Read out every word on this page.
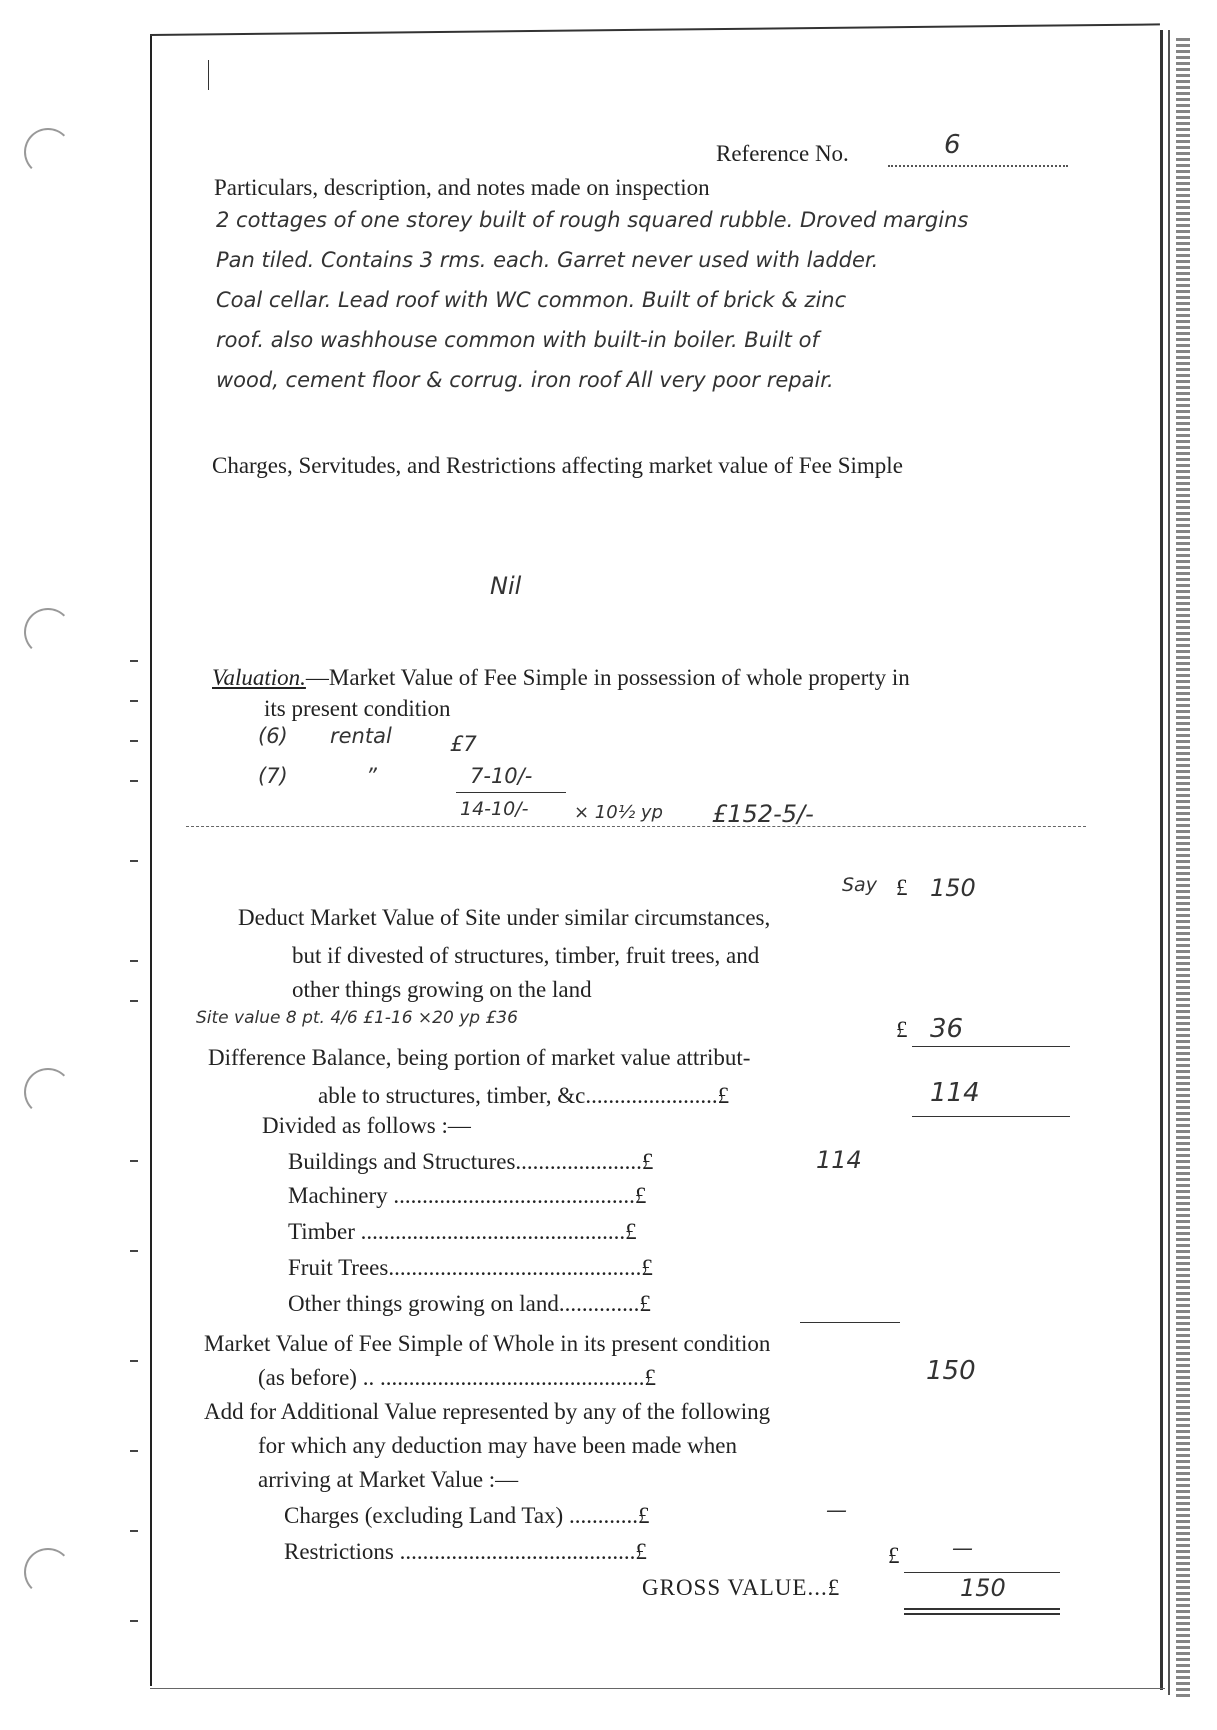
Reference No.	6
Particulars, description, and notes made on inspection
2 cottages of one storey built of rough squared rubble. Droved margins
Pan tiled. Contains 3 rms. each. Garret never used with ladder.
Coal cellar. Lead roof with WC common. Built of brick & zinc
roof. also washhouse common with built-in boiler. Built of
wood, cement floor & corrug. iron roof All very poor repair.
Charges, Servitudes, and Restrictions affecting market value of Fee Simple
Nil
Valuation.—Market Value of Fee Simple in possession of whole property in
its present condition
(6) rental	£7
(7)	”	7-10/-
14-10/-	× 10½ yp £152-5/-
Say £ 150
Deduct Market Value of Site under similar circumstances,
but if divested of structures, timber, fruit trees, and
other things growing on the land
Site value 8 pt. 4/6 £1-16 ×20 yp £36	£ 36
Difference Balance, being portion of market value attribut-
able to structures, timber, &c.......................£	114
Divided as follows :—
Buildings and Structures......................£	114
Machinery ..........................................£
Timber ..............................................£
Fruit Trees............................................£
Other things growing on land..............£
Market Value of Fee Simple of Whole in its present condition
(as before) .. ..............................................£	150
Add for Additional Value represented by any of the following
for which any deduction may have been made when
arriving at Market Value :—
Charges (excluding Land Tax) ............£	—
Restrictions .........................................£	£	—
GROSS VALUE...£	150
